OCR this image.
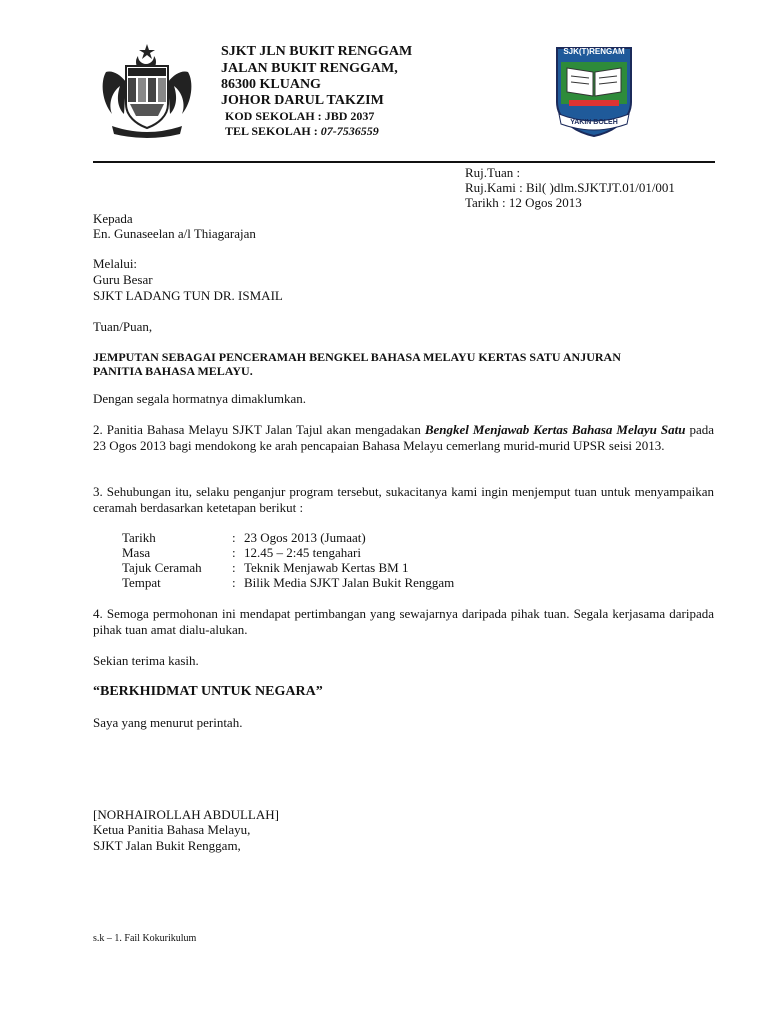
SJKT JLN BUKIT RENGGAM
JALAN BUKIT RENGGAM,
86300 KLUANG
JOHOR DARUL TAKZIM
KOD SEKOLAH : JBD 2037
TEL SEKOLAH : 07-7536559
SJK(T)RENGAM
YAKIN BOLEH
Ruj.Tuan :
Ruj.Kami : Bil( )dlm.SJKTJT.01/01/001
Tarikh : 12 Ogos 2013
Kepada
En. Gunaseelan a/l Thiagarajan
Melalui:
Guru Besar
SJKT LADANG TUN DR. ISMAIL
Tuan/Puan,
JEMPUTAN SEBAGAI PENCERAMAH BENGKEL BAHASA MELAYU KERTAS SATU ANJURAN
PANITIA BAHASA MELAYU.
Dengan segala hormatnya dimaklumkan.
2. Panitia Bahasa Melayu SJKT Jalan Tajul akan mengadakan Bengkel Menjawab Kertas Bahasa Melayu Satu pada 23 Ogos 2013 bagi mendokong ke arah pencapaian Bahasa Melayu cemerlang murid-murid UPSR seisi 2013.
3. Sehubungan itu, selaku penganjur program tersebut, sukacitanya kami ingin menjemput tuan untuk menyampaikan ceramah berdasarkan ketetapan berikut :
Tarikh	: 23 Ogos 2013 (Jumaat)
Masa	: 12.45 – 2:45 tengahari
Tajuk Ceramah : Teknik Menjawab Kertas BM 1
Tempat	: Bilik Media SJKT Jalan Bukit Renggam
4. Semoga permohonan ini mendapat pertimbangan yang sewajarnya daripada pihak tuan. Segala kerjasama daripada pihak tuan amat dialu-alukan.
Sekian terima kasih.
“BERKHIDMAT UNTUK NEGARA”
Saya yang menurut perintah.
[NORHAIROLLAH ABDULLAH]
Ketua Panitia Bahasa Melayu,
SJKT Jalan Bukit Renggam,
s.k – 1. Fail Kokurikulum
